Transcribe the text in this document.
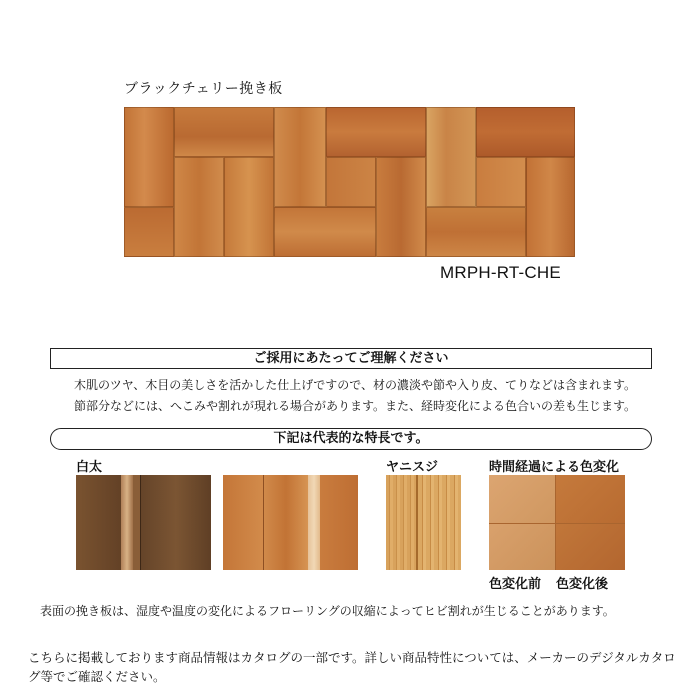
ブラックチェリー挽き板
MRPH-RT-CHE
ご採用にあたってご理解ください
木肌のツヤ、木目の美しさを活かした仕上げですので、材の濃淡や節や入り皮、てりなどは含まれます。
節部分などには、へこみや割れが現れる場合があります。また、経時変化による色合いの差も生じます。
下記は代表的な特長です。
白太	ヤニスジ	時間経過による色変化
色変化前 色変化後
表面の挽き板は、湿度や温度の変化によるフローリングの収縮によってヒビ割れが生じることがあります。
こちらに掲載しております商品情報はカタログの一部です。詳しい商品特性については、メーカーのデジタルカタログ等でご確認ください。
